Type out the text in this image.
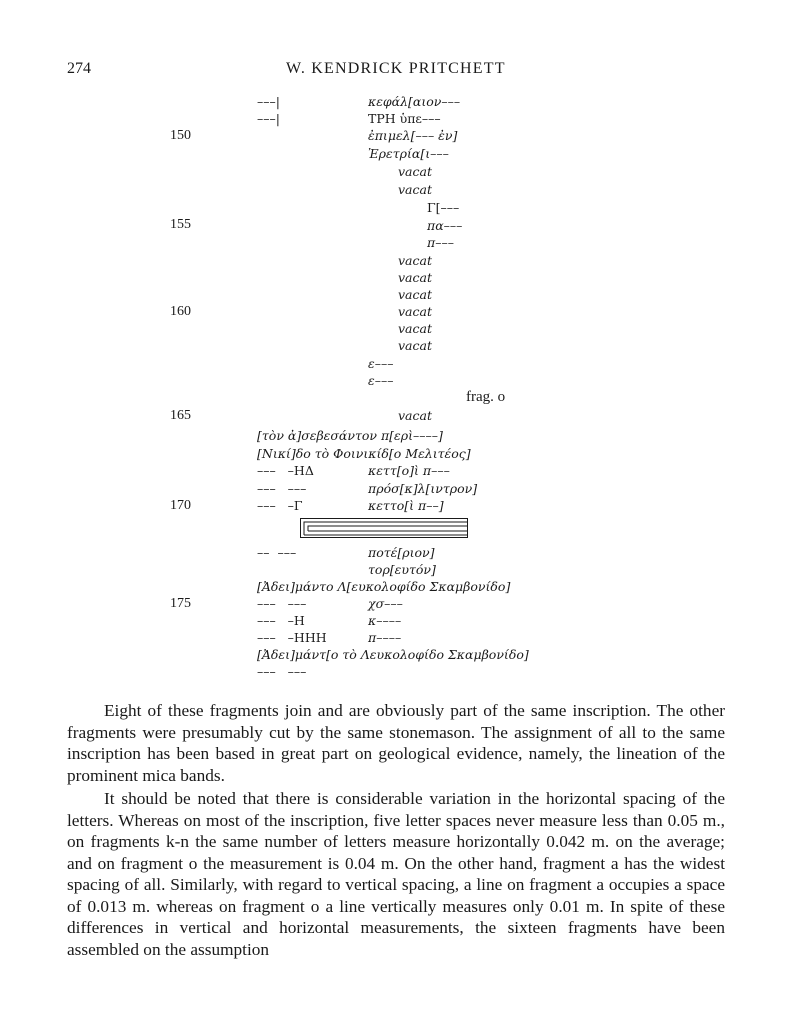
274	W. KENDRICK PRITCHETT
–––|	κεφάλ[αιον–––
–––|	ΤΡΗ ὑπε–––
150	ἐπιμελ[––– ἐν]
Ἐρετρία[ι–––
vacat
vacat
Γ[–––
155	πα–––
π–––
vacat
vacat
vacat
160	vacat
vacat
vacat
ε–––
ε–––
frag. o
165	vacat
[τὸν ἀ]σεβεσάντον π[ερὶ––––]
[Νικί]δο τὸ Φοινικίδ[ο Μελιτέος]
–––   –ΗΔ	κεττ[ο]ὶ π–––
–––   –––	πρόσ[κ]λ[ιντρον]
170	–––   –Γ	κεττο[ὶ π––]
––  –––	ποτέ[ριον]
τορ[ευτόν]
[Ἀδει]μάντο Λ[ευκολοφίδο Σκαμβονίδο]
175	–––   –––	χσ–––
–––   –Η	κ––––
–––   –ΗΗΗ	π––––
[Ἀδει]μάντ[ο τὸ Λευκολοφίδο Σκαμβονίδο]
–––   –––
Eight of these fragments join and are obviously part of the same inscription. The other fragments were presumably cut by the same stonemason. The assignment of all to the same inscription has been based in great part on geological evidence, namely, the lineation of the prominent mica bands.
It should be noted that there is considerable variation in the horizontal spacing of the letters. Whereas on most of the inscription, five letter spaces never measure less than 0.05 m., on fragments k-n the same number of letters measure horizontally 0.042 m. on the average; and on fragment o the measurement is 0.04 m. On the other hand, fragment a has the widest spacing of all. Similarly, with regard to vertical spacing, a line on fragment a occupies a space of 0.013 m. whereas on fragment o a line vertically measures only 0.01 m. In spite of these differences in vertical and horizontal measurements, the sixteen fragments have been assembled on the assumption
